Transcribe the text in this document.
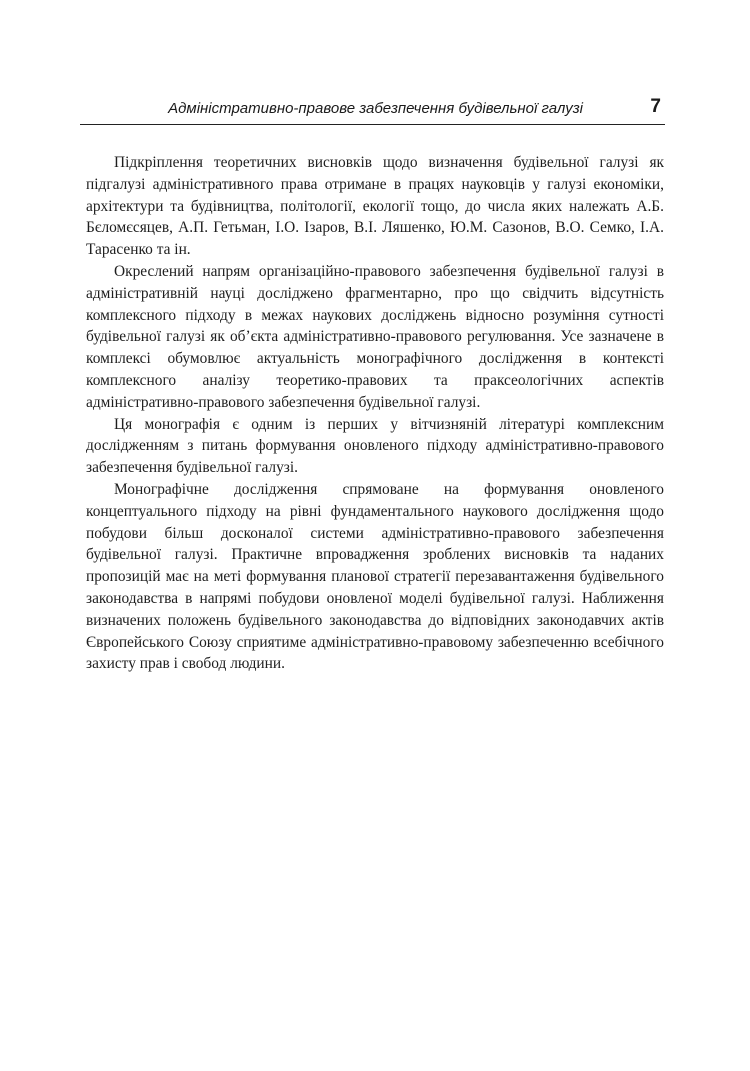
Адміністративно-правове забезпечення будівельної галузі	7

Підкріплення теоретичних висновків щодо визначення будівельної галузі як підгалузі адміністративного права отримане в працях науковців у галузі економіки, архітектури та будівництва, політології, екології тощо, до числа яких належать А.Б. Бєломєсяцев, А.П. Гетьман, І.О. Ізаров, В.І. Ляшенко, Ю.М. Сазонов, В.О. Семко, І.А. Тарасенко та ін.

Окреслений напрям організаційно-правового забезпечення будівельної галузі в адміністративній науці досліджено фрагментарно, про що свідчить відсутність комплексного підходу в межах наукових досліджень відносно розуміння сутності будівельної галузі як об’єкта адміністративно-правового регулювання. Усе зазначене в комплексі обумовлює актуальність монографічного дослідження в контексті комплексного аналізу теоретико-правових та праксеологічних аспектів адміністративно-правового забезпечення будівельної галузі.

Ця монографія є одним із перших у вітчизняній літературі комплексним дослідженням з питань формування оновленого підходу адміністративно-правового забезпечення будівельної галузі.

Монографічне дослідження спрямоване на формування оновленого концептуального підходу на рівні фундаментального наукового дослідження щодо побудови більш досконалої системи адміністративно-правового забезпечення будівельної галузі. Практичне впровадження зроблених висновків та наданих пропозицій має на меті формування планової стратегії перезавантаження будівельного законодавства в напрямі побудови оновленої моделі будівельної галузі. Наближення визначених положень будівельного законодавства до відповідних законодавчих актів Європейського Союзу сприятиме адміністративно-правовому забезпеченню всебічного захисту прав і свобод людини.
